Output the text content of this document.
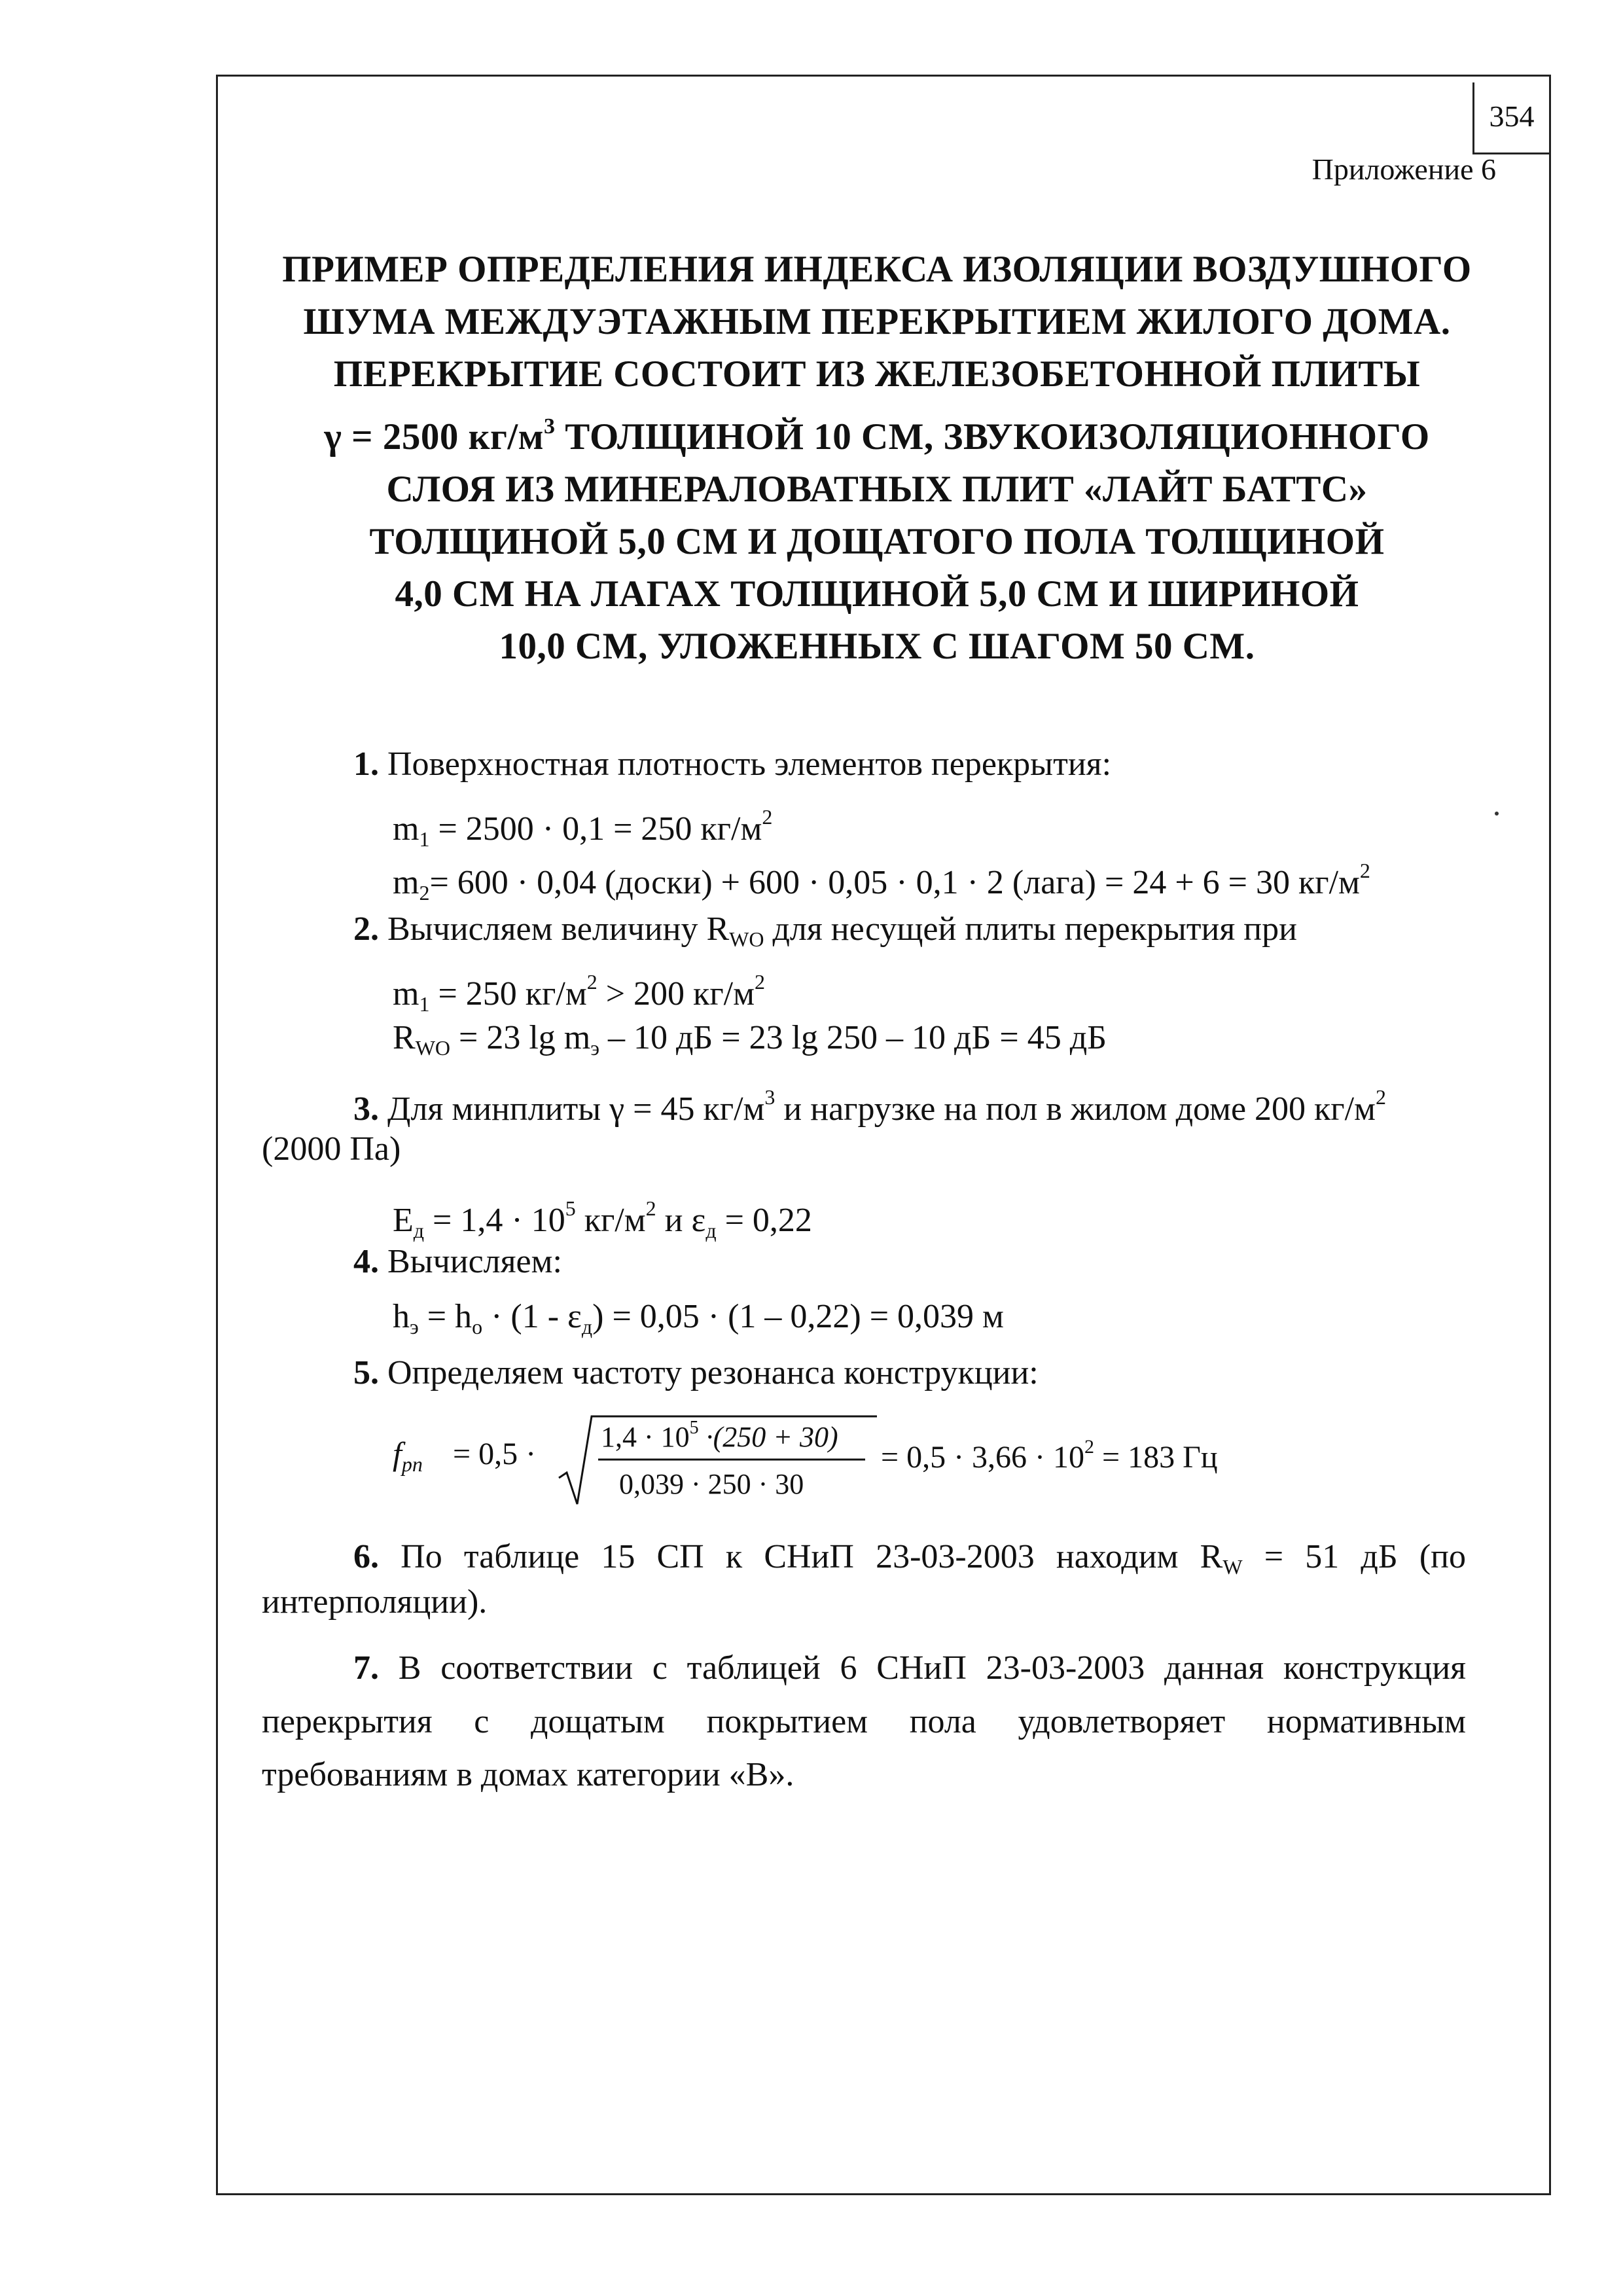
354
Приложение 6
ПРИМЕР ОПРЕДЕЛЕНИЯ ИНДЕКСА ИЗОЛЯЦИИ ВОЗДУШНОГО
ШУМА МЕЖДУЭТАЖНЫМ ПЕРЕКРЫТИЕМ ЖИЛОГО ДОМА.
ПЕРЕКРЫТИЕ СОСТОИТ ИЗ ЖЕЛЕЗОБЕТОННОЙ ПЛИТЫ
γ = 2500 $кг/м^3$ ТОЛЩИНОЙ 10 СМ, ЗВУКОИЗОЛЯЦИОННОГО
СЛОЯ ИЗ МИНЕРАЛОВАТНЫХ ПЛИТ «ЛАЙТ БАТТС»
ТОЛЩИНОЙ 5,0 СМ И ДОЩАТОГО ПОЛА ТОЛЩИНОЙ
4,0 СМ НА ЛАГАХ ТОЛЩИНОЙ 5,0 СМ И ШИРИНОЙ
10,0 СМ, УЛОЖЕННЫХ С ШАГОМ 50 СМ.
1. Поверхностная плотность элементов перекрытия:
$m_1 = 2500 \cdot 0,1 = 250$ $кг/м^2$
$m_2= 600 \cdot 0,04$ (доски) + 600 · 0,05 · 0,1 · 2 (лага) = 24 + 6 = 30 $кг/м^2$
2. Вычисляем величину $R_{WO}$ для несущей плиты перекрытия при
$m_1 = 250$ $кг/м^2 > 200$ $кг/м^2$
$R_{WO} = 23$ $\lg m_э - 10$ дБ = 23 lg 250 – 10 дБ = 45 дБ
3. Для минплиты γ = 45 $кг/м^3$ и нагрузке на пол в жилом доме 200 $кг/м^2$
(2000 Па)
$E_д = 1,4 \cdot 10^5$ $кг/м^2$ и $\varepsilon_д = 0,22$
4. Вычисляем:
$h_э = h_o \cdot (1 - \varepsilon_д) = 0,05 \cdot (1 - 0,22) = 0,039$ м
5. Определяем частоту резонанса конструкции:
$f_{pn} = 0,5 \cdot 1,4 \cdot 10^5 \cdot(250 + 30)$
0,039 · 250 · 30
= $0,5 \cdot 3,66 \cdot 10^2 = 183$ Гц
6. По таблице 15 СП к СНиП 23-03-2003 находим $R_W = 51$ дБ (по
интерполяции).
7. В соответствии с таблицей 6 СНиП 23-03-2003 данная конструкция
перекрытия с дощатым покрытием пола удовлетворяет нормативным
требованиям в домах категории «В».
